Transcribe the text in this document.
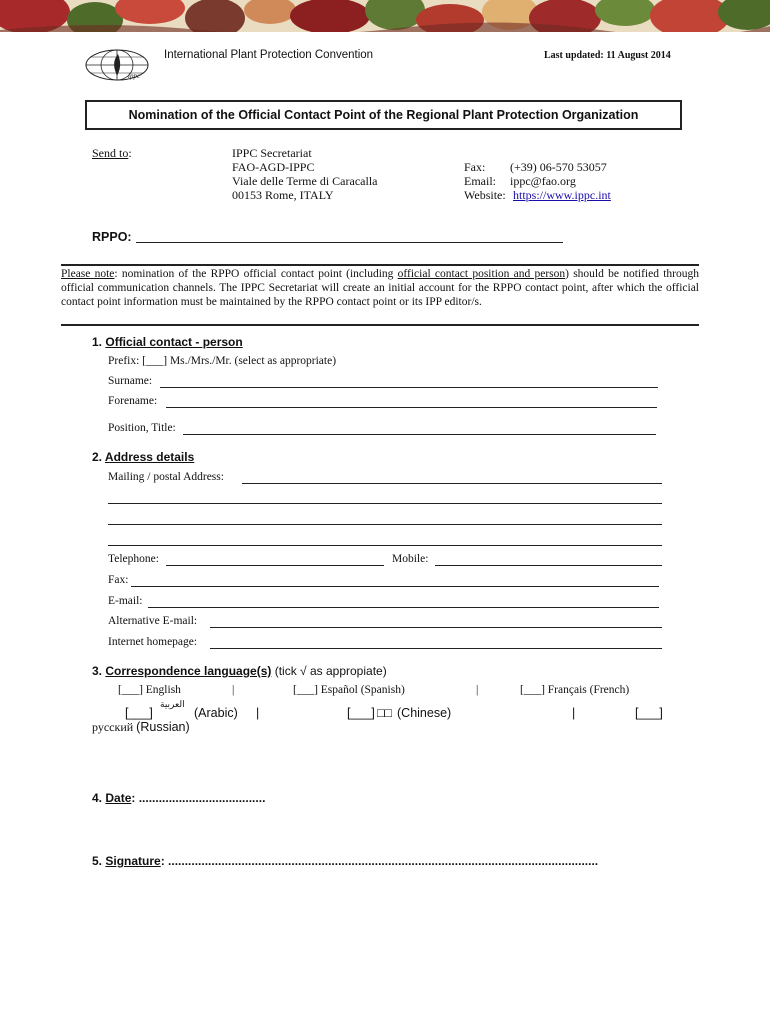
ippc
International Plant Protection Convention	Last updated: 11 August 2014
Nomination of the Official Contact Point of the Regional Plant Protection Organization
Send to:	IPPC Secretariat
FAO-AGD-IPPC
Viale delle Terme di Caracalla
00153 Rome, ITALY
Fax: (+39) 06-570 53057
Email: ippc@fao.org
Website: https://www.ippc.int
RPPO:
Please note: nomination of the RPPO official contact point (including official contact position and person) should be notified through official communication channels. The IPPC Secretariat will create an initial account for the RPPO contact point, after which the official contact point information must be maintained by the RPPO contact point or its IPP editor/s.
1. Official contact - person
Prefix: [___] Ms./Mrs./Mr. (select as appropriate)
Surname:
Forename:
Position, Title:
2. Address details
Mailing / postal Address:
Telephone:	Mobile:
Fax:
E-mail:
Alternative E-mail:
Internet homepage:
3. Correspondence language(s) (tick √ as appropiate)
[___] English	|	[___] Español (Spanish)	|	[___] Français (French)
[___]
العربية
(Arabic) |	[___] □□ (Chinese)	|	[___]
русский (Russian)
4. Date: ......................................
5. Signature: .................................................................................................................................
